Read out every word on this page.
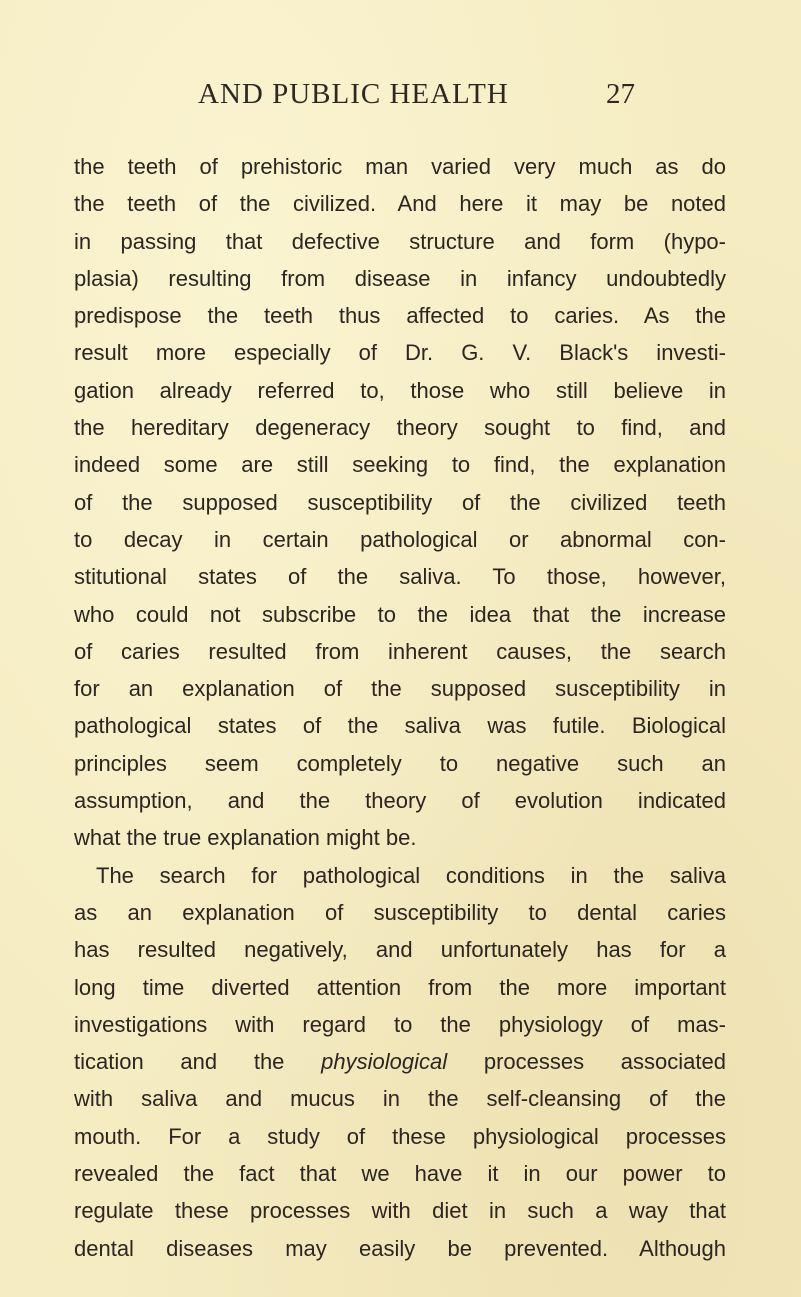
AND PUBLIC HEALTH	27
the teeth of prehistoric man varied very much as do
the teeth of the civilized. And here it may be noted
in passing that defective structure and form (hypo-
plasia) resulting from disease in infancy undoubtedly
predispose the teeth thus affected to caries. As the
result more especially of Dr. G. V. Black's investi-
gation already referred to, those who still believe in
the hereditary degeneracy theory sought to find, and
indeed some are still seeking to find, the explanation
of the supposed susceptibility of the civilized teeth
to decay in certain pathological or abnormal con-
stitutional states of the saliva. To those, however,
who could not subscribe to the idea that the increase
of caries resulted from inherent causes, the search
for an explanation of the supposed susceptibility in
pathological states of the saliva was futile. Biological
principles seem completely to negative such an
assumption, and the theory of evolution indicated
what the true explanation might be.
The search for pathological conditions in the saliva
as an explanation of susceptibility to dental caries
has resulted negatively, and unfortunately has for a
long time diverted attention from the more important
investigations with regard to the physiology of mas-
tication and the physiological processes associated
with saliva and mucus in the self-cleansing of the
mouth. For a study of these physiological processes
revealed the fact that we have it in our power to
regulate these processes with diet in such a way that
dental diseases may easily be prevented. Although
